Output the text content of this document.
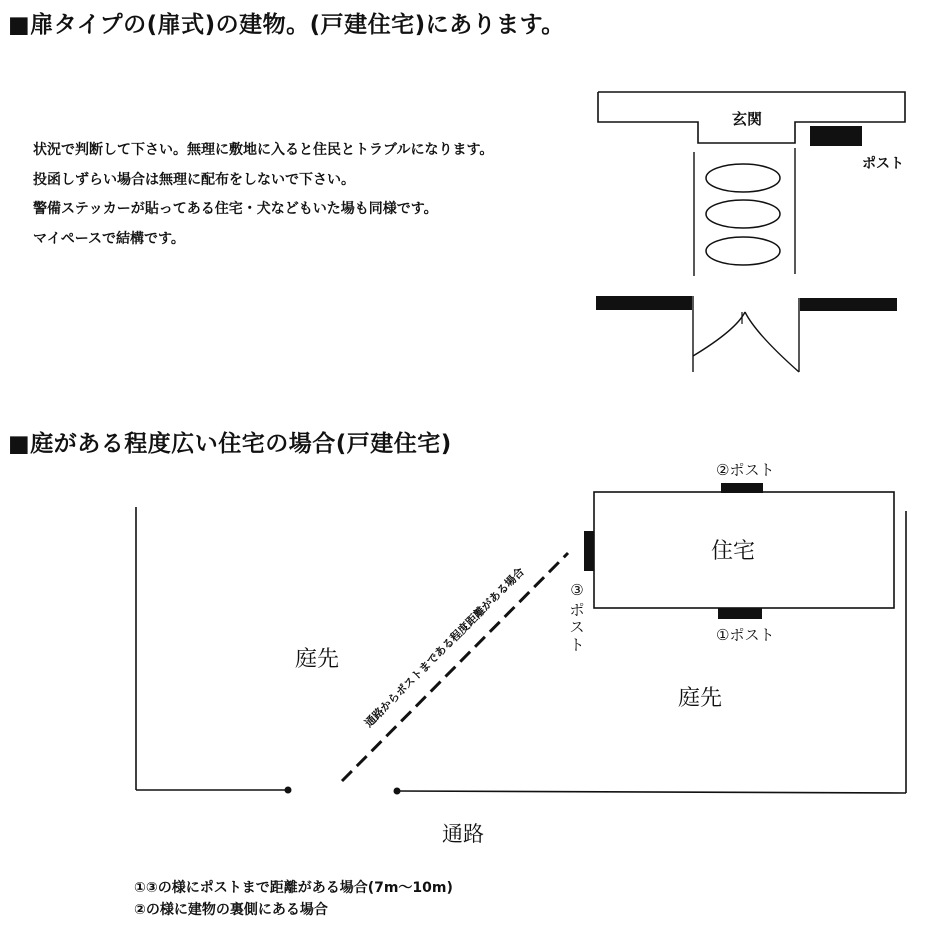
■扉タイプの(扉式)の建物。(戸建住宅)にあります。
状況で判断して下さい。無理に敷地に入ると住民とトラブルになります。
投函しずらい場合は無理に配布をしないで下さい。
警備ステッカーが貼ってある住宅・犬などもいた場も同様です。
マイペースで結構です。
玄関
ポスト
住宅
②ポスト
①ポスト
③
ポ
ス
ト
庭先
庭先
通路からポストまである程度距離がある場合
通路
■庭がある程度広い住宅の場合(戸建住宅)
①③の様にポストまで距離がある場合(7m～10m)
②の様に建物の裏側にある場合
